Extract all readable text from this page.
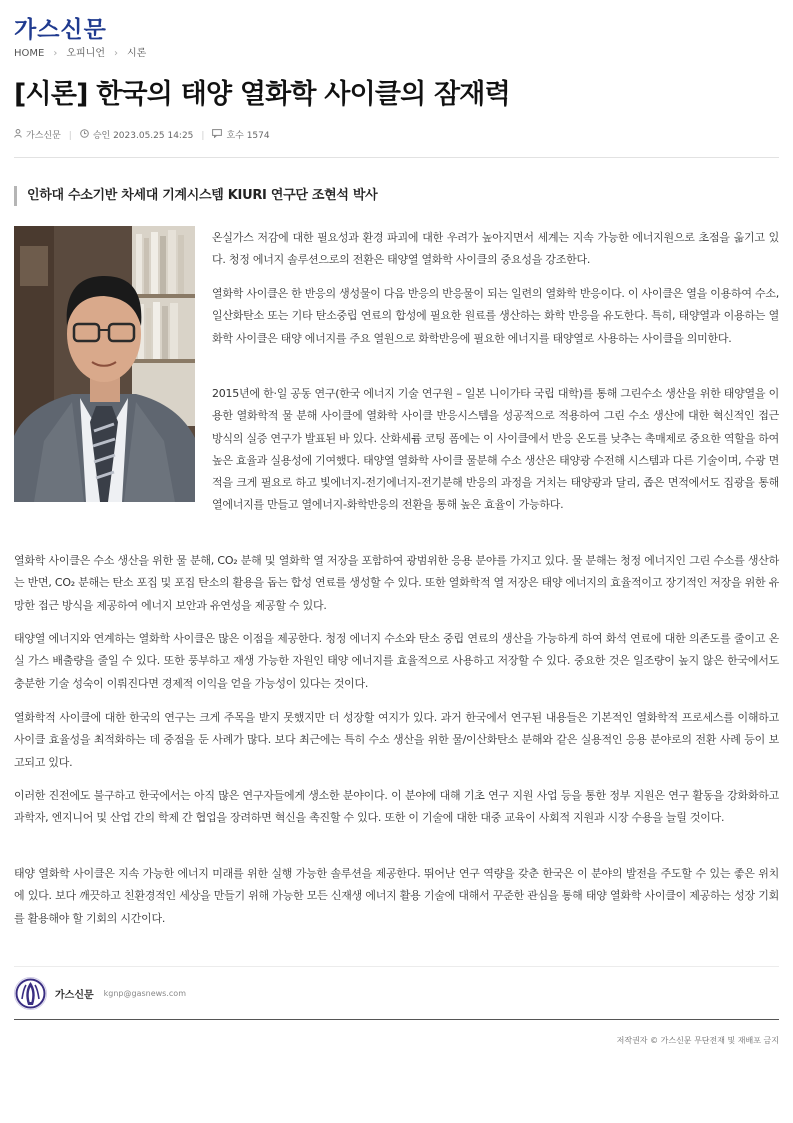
가스신문
HOME › 오피니언 › 시론
[시론] 한국의 태양 열화학 사이클의 잠재력
가스신문 | 승인 2023.05.25 14:25 | 호수 1574
인하대 수소기반 차세대 기계시스템 KIURI 연구단 조현석 박사

온실가스 저감에 대한 필요성과 환경 파괴에 대한 우려가 높아지면서 세계는 지속 가능한 에너지원으로 초점을 옮기고 있다. 청정 에너지 솔루션으로의 전환은 태양열 열화학 사이클의 중요성을 강조한다.

열화학 사이클은 한 반응의 생성물이 다음 반응의 반응물이 되는 일련의 열화학 반응이다. 이 사이클은 열을 이용하여 수소, 일산화탄소 또는 기타 탄소중립 연료의 합성에 필요한 원료를 생산하는 화학 반응을 유도한다. 특히, 태양열과 이용하는 열화학 사이클은 태양 에너지를 주요 열원으로 화학반응에 필요한 에너지를 태양열로 사용하는 사이클을 의미한다.

2015년에 한·일 공동 연구(한국 에너지 기술 연구원 – 일본 니이가타 국립 대학)를 통해 그린수소 생산을 위한 태양열을 이용한 열화학적 물 분해 사이클에 열화학 사이클 반응시스템을 성공적으로 적용하여 그린 수소 생산에 대한 혁신적인 접근 방식의 실증 연구가 발표된 바 있다. 산화세륨 코팅 폼에는 이 사이클에서 반응 온도를 낮추는 촉매제로 중요한 역할을 하여 높은 효율과 실용성에 기여했다. 태양열 열화학 사이클 물분해 수소 생산은 태양광 수전해 시스템과 다른 기술이며, 수광 면적을 크게 필요로 하고 빛에너지-전기에너지-전기분해 반응의 과정을 거치는 태양광과 달리, 좁은 면적에서도 집광을 통해 열에너지를 만들고 열에너지-화학반응의 전환을 통해 높은 효율이 가능하다.

열화학 사이클은 수소 생산을 위한 물 분해, CO₂ 분해 및 열화학 열 저장을 포함하여 광범위한 응용 분야를 가지고 있다. 물 분해는 청정 에너지인 그린 수소를 생산하는 반면, CO₂ 분해는 탄소 포집 및 포집 탄소의 활용을 돕는 합성 연료를 생성할 수 있다. 또한 열화학적 열 저장은 태양 에너지의 효율적이고 장기적인 저장을 위한 유망한 접근 방식을 제공하여 에너지 보안과 유연성을 제공할 수 있다.

태양열 에너지와 연계하는 열화학 사이클은 많은 이점을 제공한다. 청정 에너지 수소와 탄소 중립 연료의 생산을 가능하게 하여 화석 연료에 대한 의존도를 줄이고 온실 가스 배출량을 줄일 수 있다. 또한 풍부하고 재생 가능한 자원인 태양 에너지를 효율적으로 사용하고 저장할 수 있다. 중요한 것은 일조량이 높지 않은 한국에서도 충분한 기술 성숙이 이뤄진다면 경제적 이익을 얻을 가능성이 있다는 것이다.

열화학적 사이클에 대한 한국의 연구는 크게 주목을 받지 못했지만 더 성장할 여지가 있다. 과거 한국에서 연구된 내용들은 기본적인 열화학적 프로세스를 이해하고 사이클 효율성을 최적화하는 데 중점을 둔 사례가 많다. 보다 최근에는 특히 수소 생산을 위한 물/이산화탄소 분해와 같은 실용적인 응용 분야로의 전환 사례 등이 보고되고 있다.

이러한 진전에도 불구하고 한국에서는 아직 많은 연구자들에게 생소한 분야이다. 이 분야에 대해 기초 연구 지원 사업 등을 통한 정부 지원은 연구 활동을 강화화하고 과학자, 엔지니어 및 산업 간의 학제 간 협업을 장려하면 혁신을 촉진할 수 있다. 또한 이 기술에 대한 대중 교육이 사회적 지원과 시장 수용을 늘릴 것이다.

태양 열화학 사이클은 지속 가능한 에너지 미래를 위한 실행 가능한 솔루션을 제공한다. 뛰어난 연구 역량을 갖춘 한국은 이 분야의 발전을 주도할 수 있는 좋은 위치에 있다. 보다 깨끗하고 친환경적인 세상을 만들기 위해 가능한 모든 신재생 에너지 활용 기술에 대해서 꾸준한 관심을 통해 태양 열화학 사이클이 제공하는 성장 기회를 활용해야 할 기회의 시간이다.

가스신문 kgnp@gasnews.com
저작권자 © 가스신문 무단전재 및 재배포 금지
